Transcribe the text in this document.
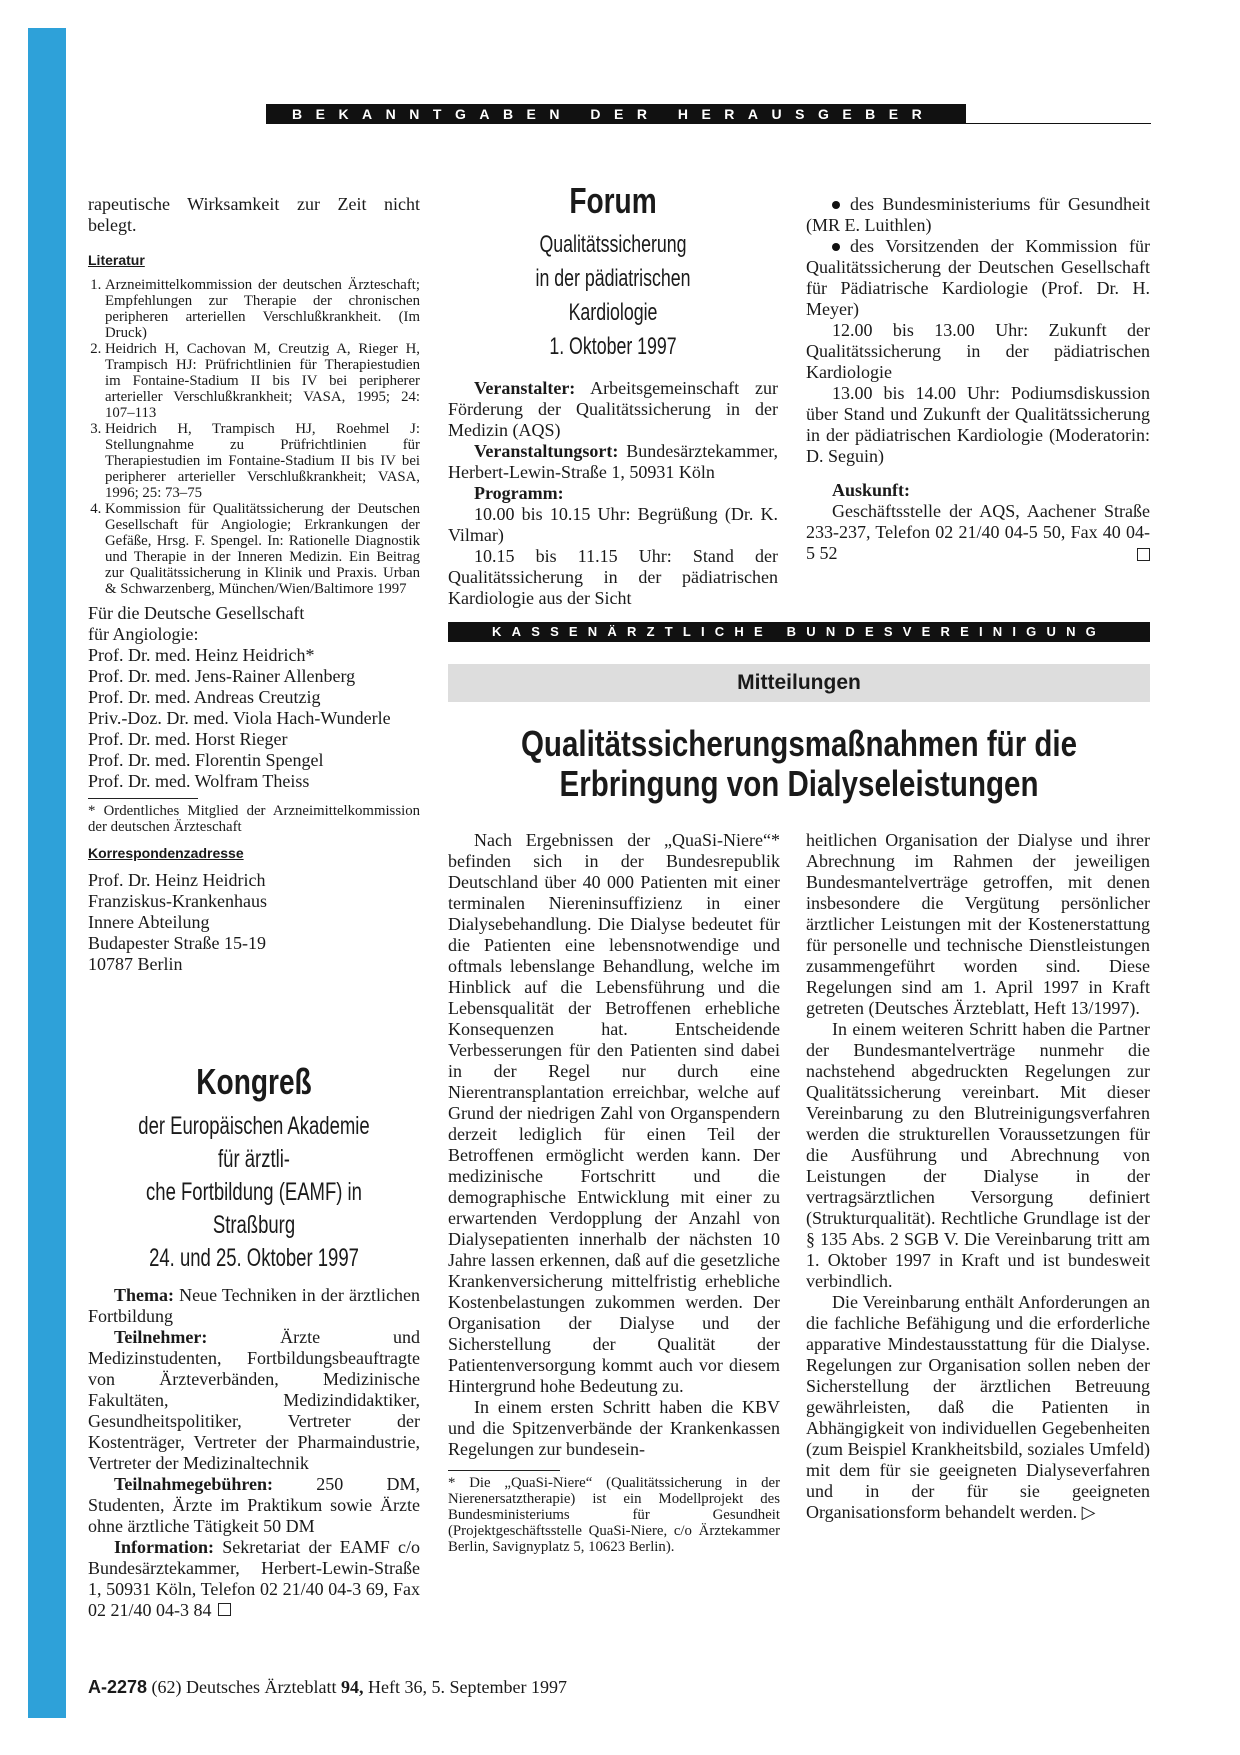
BEKANNTGABEN DER HERAUSGEBER

rapeutische Wirksamkeit zur Zeit nicht belegt.

Literatur
1. Arzneimittelkommission der deutschen Ärzteschaft; Empfehlungen zur Therapie der chronischen peripheren arteriellen Verschlußkrankheit. (Im Druck)
2. Heidrich H, Cachovan M, Creutzig A, Rieger H, Trampisch HJ: Prüfrichtlinien für Therapiestudien im Fontaine-Stadium II bis IV bei peripherer arterieller Verschlußkrankheit; VASA, 1995; 24: 107–113
3. Heidrich H, Trampisch HJ, Roehmel J: Stellungnahme zu Prüfrichtlinien für Therapiestudien im Fontaine-Stadium II bis IV bei peripherer arterieller Verschlußkrankheit; VASA, 1996; 25: 73–75
4. Kommission für Qualitätssicherung der Deutschen Gesellschaft für Angiologie; Erkrankungen der Gefäße, Hrsg. F. Spengel. In: Rationelle Diagnostik und Therapie in der Inneren Medizin. Ein Beitrag zur Qualitätssicherung in Klinik und Praxis. Urban & Schwarzenberg, München/Wien/Baltimore 1997

Für die Deutsche Gesellschaft

für Angiologie:

Prof. Dr. med. Heinz Heidrich*

Prof. Dr. med. Jens-Rainer Allenberg

Prof. Dr. med. Andreas Creutzig

Priv.-Doz. Dr. med. Viola Hach-Wunderle

Prof. Dr. med. Horst Rieger

Prof. Dr. med. Florentin Spengel

Prof. Dr. med. Wolfram Theiss

* Ordentliches Mitglied der Arzneimittelkommission der deutschen Ärzteschaft

Korrespondenzadresse

Prof. Dr. Heinz Heidrich

Franziskus-Krankenhaus

Innere Abteilung

Budapester Straße 15-19

10787 Berlin

Kongreß
der Europäischen Akademie für ärztli-
che Fortbildung (EAMF) in Straßburg
24. und 25. Oktober 1997

Thema: Neue Techniken in der ärztlichen Fortbildung

Teilnehmer: Ärzte und Medizinstudenten, Fortbildungsbeauftragte von Ärzteverbänden, Medizinische Fakultäten, Medizindidaktiker, Gesundheitspolitiker, Vertreter der Kostenträger, Vertreter der Pharmaindustrie, Vertreter der Medizinaltechnik

Teilnahmegebühren: 250 DM, Studenten, Ärzte im Praktikum sowie Ärzte ohne ärztliche Tätigkeit 50 DM

Information: Sekretariat der EAMF c/o Bundesärztekammer, Herbert-Lewin-Straße 1, 50931 Köln, Telefon 02 21/40 04-3 69, Fax 02 21/40 04-3 84

Forum
Qualitätssicherung
in der pädiatrischen Kardiologie
1. Oktober 1997

Veranstalter: Arbeitsgemeinschaft zur Förderung der Qualitätssicherung in der Medizin (AQS)

Veranstaltungsort: Bundesärztekammer, Herbert-Lewin-Straße 1, 50931 Köln

Programm:

10.00 bis 10.15 Uhr: Begrüßung (Dr. K. Vilmar)

10.15 bis 11.15 Uhr: Stand der Qualitätssicherung in der pädiatrischen Kardiologie aus der Sicht

des Bundesministeriums für Gesundheit (MR E. Luithlen)

des Vorsitzenden der Kommission für Qualitätssicherung der Deutschen Gesellschaft für Pädiatrische Kardiologie (Prof. Dr. H. Meyer)

12.00 bis 13.00 Uhr: Zukunft der Qualitätssicherung in der pädiatrischen Kardiologie

13.00 bis 14.00 Uhr: Podiumsdiskussion über Stand und Zukunft der Qualitätssicherung in der pädiatrischen Kardiologie (Moderatorin: D. Seguin)

Auskunft:

Geschäftsstelle der AQS, Aachener Straße 233-237, Telefon 02 21/40 04-5 50, Fax 40 04-5 52

KASSENÄRZTLICHE BUNDESVEREINIGUNG
Mitteilungen
Qualitätssicherungsmaßnahmen für die
Erbringung von Dialyseleistungen

Nach Ergebnissen der „QuaSi-Niere“* befinden sich in der Bundesrepublik Deutschland über 40 000 Patienten mit einer terminalen Niereninsuffizienz in einer Dialysebehandlung. Die Dialyse bedeutet für die Patienten eine lebensnotwendige und oftmals lebenslange Behandlung, welche im Hinblick auf die Lebensführung und die Lebensqualität der Betroffenen erhebliche Konsequenzen hat. Entscheidende Verbesserungen für den Patienten sind dabei in der Regel nur durch eine Nierentransplantation erreichbar, welche auf Grund der niedrigen Zahl von Organspendern derzeit lediglich für einen Teil der Betroffenen ermöglicht werden kann. Der medizinische Fortschritt und die demographische Entwicklung mit einer zu erwartenden Verdopplung der Anzahl von Dialysepatienten innerhalb der nächsten 10 Jahre lassen erkennen, daß auf die gesetzliche Krankenversicherung mittelfristig erhebliche Kostenbelastungen zukommen werden. Der Organisation der Dialyse und der Sicherstellung der Qualität der Patientenversorgung kommt auch vor diesem Hintergrund hohe Bedeutung zu.

In einem ersten Schritt haben die KBV und die Spitzenverbände der Krankenkassen Regelungen zur bundesein-

* Die „QuaSi-Niere“ (Qualitätssicherung in der Nierenersatztherapie) ist ein Modellprojekt des Bundesministeriums für Gesundheit (Projektgeschäftsstelle QuaSi-Niere, c/o Ärztekammer Berlin, Savignyplatz 5, 10623 Berlin).

heitlichen Organisation der Dialyse und ihrer Abrechnung im Rahmen der jeweiligen Bundesmantelverträge getroffen, mit denen insbesondere die Vergütung persönlicher ärztlicher Leistungen mit der Kostenerstattung für personelle und technische Dienstleistungen zusammengeführt worden sind. Diese Regelungen sind am 1. April 1997 in Kraft getreten (Deutsches Ärzteblatt, Heft 13/1997).

In einem weiteren Schritt haben die Partner der Bundesmantelverträge nunmehr die nachstehend abgedruckten Regelungen zur Qualitätssicherung vereinbart. Mit dieser Vereinbarung zu den Blutreinigungsverfahren werden die strukturellen Voraussetzungen für die Ausführung und Abrechnung von Leistungen der Dialyse in der vertragsärztlichen Versorgung definiert (Strukturqualität). Rechtliche Grundlage ist der § 135 Abs. 2 SGB V. Die Vereinbarung tritt am 1. Oktober 1997 in Kraft und ist bundesweit verbindlich.

Die Vereinbarung enthält Anforderungen an die fachliche Befähigung und die erforderliche apparative Mindestausstattung für die Dialyse. Regelungen zur Organisation sollen neben der Sicherstellung der ärztlichen Betreuung gewährleisten, daß die Patienten in Abhängigkeit von individuellen Gegebenheiten (zum Beispiel Krankheitsbild, soziales Umfeld) mit dem für sie geeigneten Dialyseverfahren und in der für sie geeigneten Organisationsform behandelt werden. ▷

A-2278 (62) Deutsches Ärzteblatt 94, Heft 36, 5. September 1997
